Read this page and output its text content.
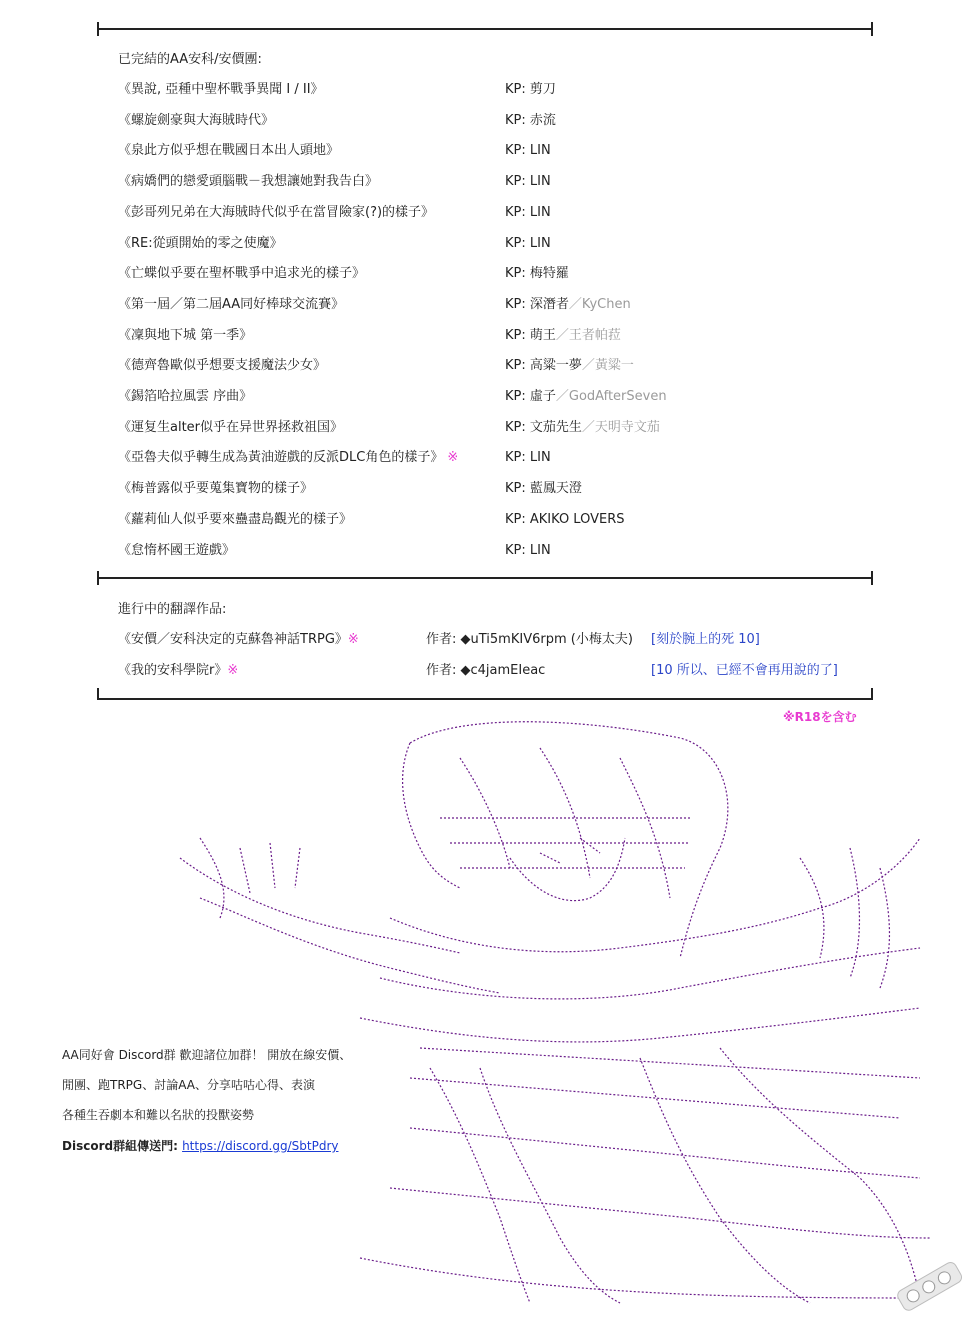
已完結的AA安科/安價團:
《異說, 亞種中聖杯戰爭異聞 I / II》	KP: 剪刀
《螺旋劍豪與大海賊時代》	KP: 赤流
《泉此方似乎想在戰國日本出人頭地》	KP: LIN
《病嬌們的戀愛頭腦戰－我想讓她對我告白》	KP: LIN
《彭哥列兄弟在大海賊時代似乎在當冒險家(?)的樣子》	KP: LIN
《RE:從頭開始的零之使魔》	KP: LIN
《亡蝶似乎要在聖杯戰爭中追求光的樣子》	KP: 梅特羅
《第一屆／第二屆AA同好棒球交流賽》	KP: 深潛者／KyChen
《凜與地下城 第一季》	KP: 萌王／王者帕菈
《德齊魯歐似乎想要支援魔法少女》	KP: 高粱一夢／黃粱一
《錫箔哈拉風雲 序曲》	KP: 虛子／GodAfterSeven
《運复生alter似乎在异世界拯救祖国》	KP: 文茄先生／天明寺文茄
《亞魯夫似乎轉生成為黃油遊戲的反派DLC角色的樣子》 ※	KP: LIN
《梅普露似乎要蒐集寶物的樣子》	KP: 藍鳳天澄
《蘿莉仙人似乎要來蠱盡島觀光的樣子》	KP: AKIKO LOVERS
《怠惰杯國王遊戲》	KP: LIN
進行中的翻譯作品:
《安價／安科決定的克蘇魯神話TRPG》※	作者: ◆uTi5mKIV6rpm (小梅太夫) [刻於腕上的死 10]
《我的安科學院r》※	作者: ◆c4jamEIeac	[10 所以、已經不會再用說的了]
※R18を含む
AA同好會 Discord群 歡迎諸位加群！ 開放在線安價、
閒團、跑TRPG、討論AA、分享咕咕心得、表演
各種生吞劇本和難以名狀的投獸姿勢
Discord群組傳送門: https://discord.gg/SbtPdry
